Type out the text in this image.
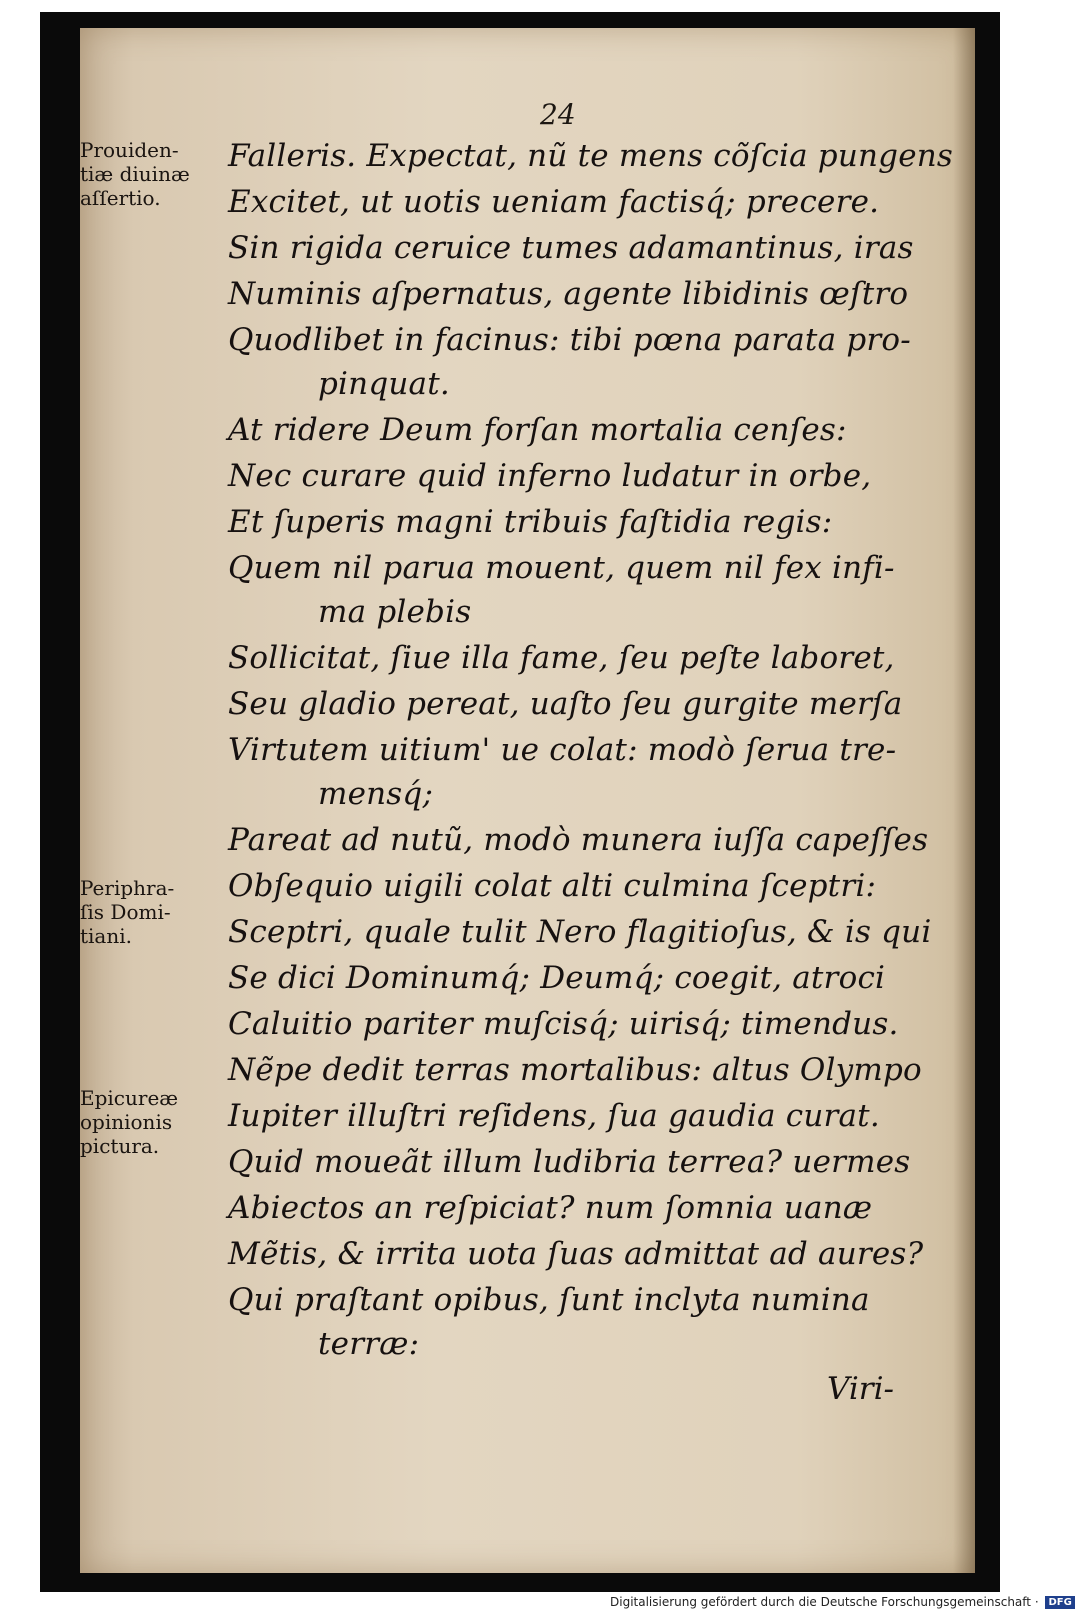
24
Prouiden-
tiæ diuinæ
aſſertio.
Periphra-
ſis Domi-
tiani.
Epicureæ
opinionis
pictura.
Falleris. Expectat, nũ te mens cõſcia pungens
Excitet, ut uotis ueniam factisq́; precere.
Sin rigida ceruice tumes adamantinus, iras
Numinis aſpernatus, agente libidinis œſtro
Quodlibet in facinus: tibi pœna parata pro-
pinquat.
At ridere Deum forſan mortalia cenſes:
Nec curare quid inferno ludatur in orbe,
Et ſuperis magni tribuis faſtidia regis:
Quem nil parua mouent, quem nil fex infi-
ma plebis
Sollicitat, ſiue illa fame, ſeu peſte laboret,
Seu gladio pereat, uaſto ſeu gurgite merſa
Virtutem uitium' ue colat: modò ſerua tre-
mensq́;
Pareat ad nutũ, modò munera iuſſa capeſſes
Obſequio uigili colat alti culmina ſceptri:
Sceptri, quale tulit Nero flagitioſus, & is qui
Se dici Dominumq́; Deumq́; coegit, atroci
Caluitio pariter muſcisq́; uirisq́; timendus.
Nẽpe dedit terras mortalibus: altus Olympo
Iupiter illuſtri reſidens, ſua gaudia curat.
Quid moueãt illum ludibria terrea? uermes
Abiectos an reſpiciat? num ſomnia uanæ
Mẽtis, & irrita uota ſuas admittat ad aures?
Qui praſtant opibus, ſunt inclyta numina
terræ:
Viri-
Digitalisierung gefördert durch die Deutsche Forschungsgemeinschaft · DFG
